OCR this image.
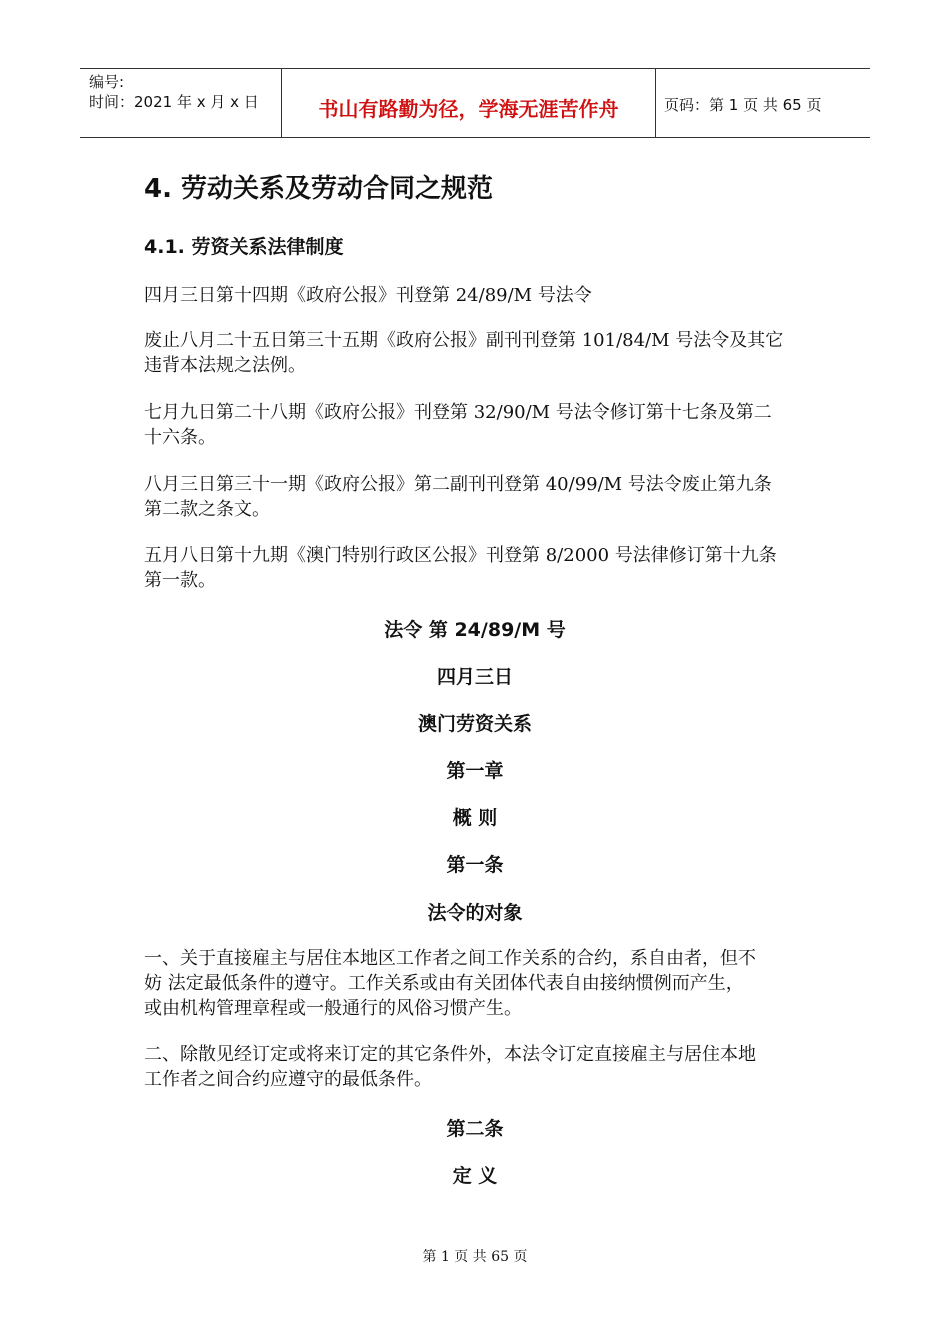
编号:
时间：2021 年 x 月 x 日	书山有路勤为径，学海无涯苦作舟	页码：第 1 页 共 65 页
4. 劳动关系及劳动合同之规范
4.1. 劳资关系法律制度
四月三日第十四期《政府公报》刊登第 24/89/M 号法令
废止八月二十五日第三十五期《政府公报》副刊刊登第 101/84/M 号法令及其它
违背本法规之法例。
七月九日第二十八期《政府公报》刊登第 32/90/M 号法令修订第十七条及第二
十六条。
八月三日第三十一期《政府公报》第二副刊刊登第 40/99/M 号法令废止第九条
第二款之条文。
五月八日第十九期《澳门特别行政区公报》刊登第 8/2000 号法律修订第十九条
第一款。
法令 第 24/89/M 号
四月三日
澳门劳资关系
第一章
概 则
第一条
法令的对象
一、关于直接雇主与居住本地区工作者之间工作关系的合约，系自由者，但不
妨 法定最低条件的遵守。工作关系或由有关团体代表自由接纳惯例而产生，
或由机构管理章程或一般通行的风俗习惯产生。
二、除散见经订定或将来订定的其它条件外，本法令订定直接雇主与居住本地
工作者之间合约应遵守的最低条件。
第二条
定 义
第 1 页 共 65 页
